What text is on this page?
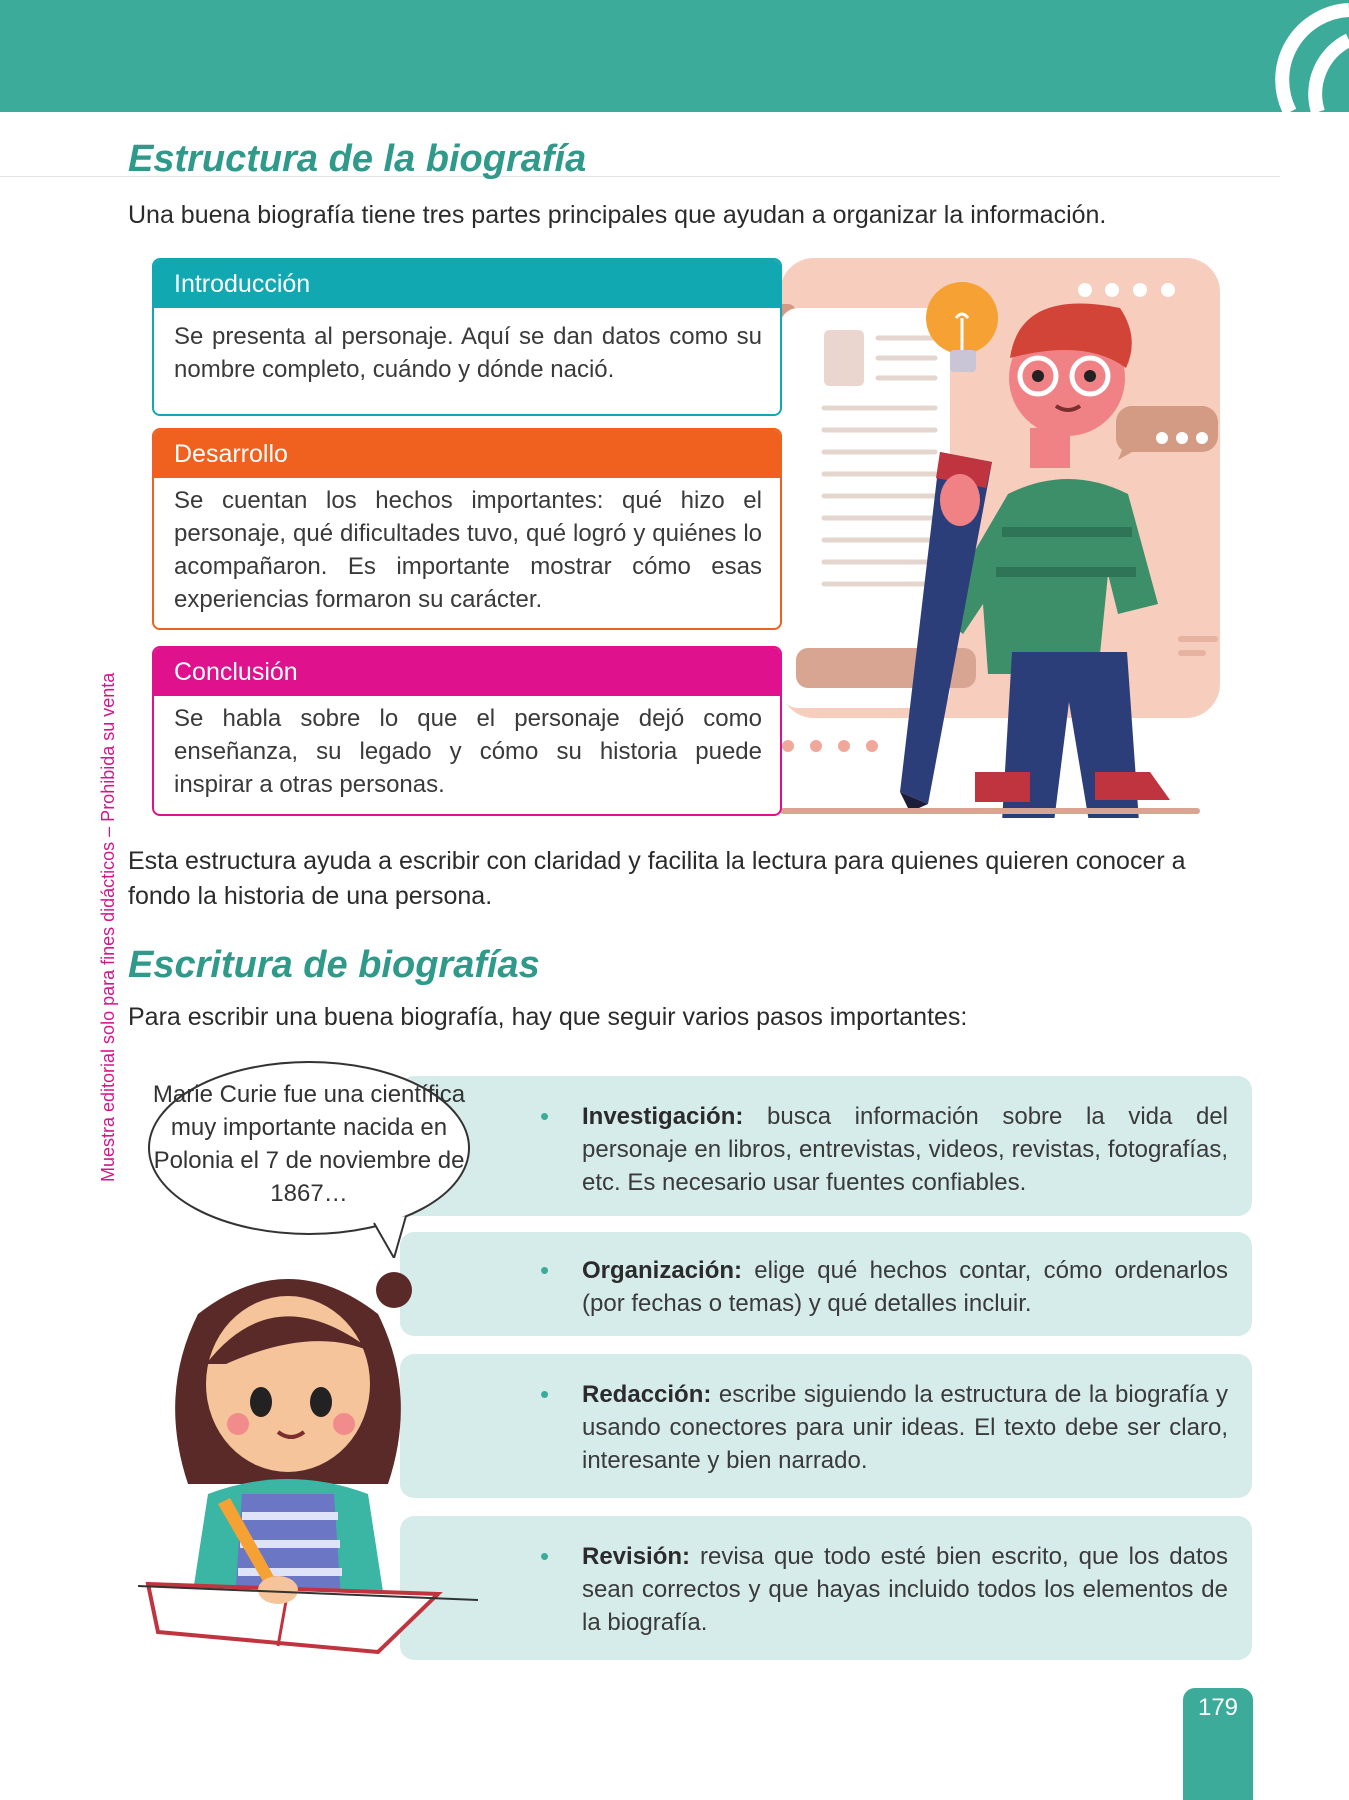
Muestra editorial solo para fines didácticos – Prohibida su venta
Estructura de la biografía

Una buena biografía tiene tres partes principales que ayudan a organizar la información.

Introducción
Se presenta al personaje. Aquí se dan datos como su nombre completo, cuándo y dónde nació.
Desarrollo
Se cuentan los hechos importantes: qué hizo el personaje, qué dificultades tuvo, qué logró y quiénes lo acompañaron. Es importante mostrar cómo esas experiencias formaron su carácter.
Conclusión
Se habla sobre lo que el personaje dejó como enseñanza, su legado y cómo su historia puede inspirar a otras personas.

Esta estructura ayuda a escribir con claridad y facilita la lectura para quienes quieren conocer a fondo la historia de una persona.

Escritura de biografías

Para escribir una buena biografía, hay que seguir varios pasos importantes:

Marie Curie fue una científica muy importante nacida en Polonia el 7 de noviembre de 1867…
• Investigación: busca información sobre la vida del personaje en libros, entrevistas, videos, revistas, fotografías, etc. Es necesario usar fuentes confiables.

• Organización: elige qué hechos contar, cómo ordenarlos (por fechas o temas) y qué detalles incluir.

• Redacción: escribe siguiendo la estructura de la biografía y usando conectores para unir ideas. El texto debe ser claro, interesante y bien narrado.

• Revisión: revisa que todo esté bien escrito, que los datos sean correctos y que hayas incluido todos los elementos de la biografía.

179
